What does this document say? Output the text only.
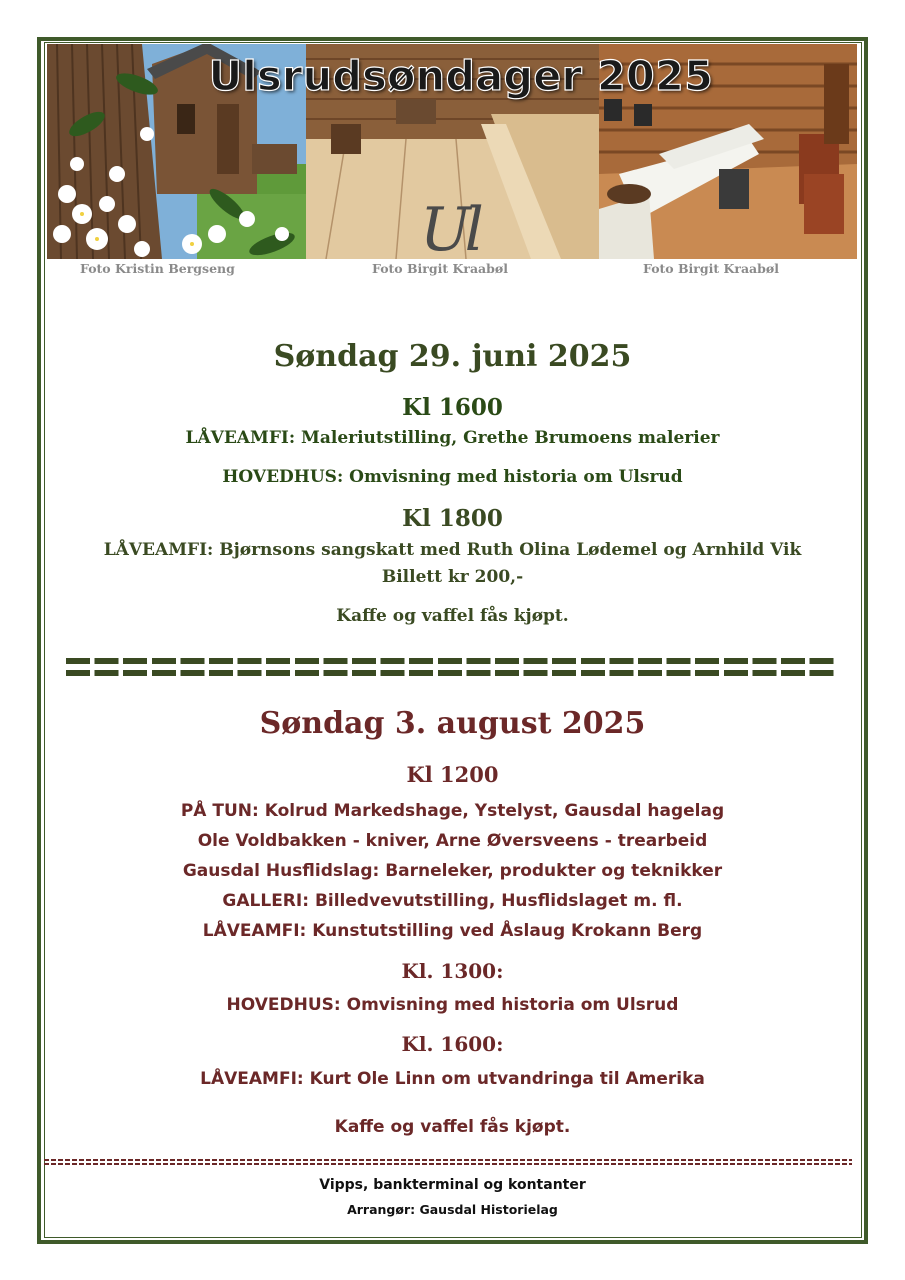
Ul
Ulsrudsøndager 2025
Foto Kristin Bergseng	Foto Birgit Kraabøl	Foto Birgit Kraabøl
Søndag 29. juni 2025
Kl 1600
LÅVEAMFI: Maleriutstilling, Grethe Brumoens malerier
HOVEDHUS: Omvisning med historia om Ulsrud
Kl 1800
LÅVEAMFI: Bjørnsons sangskatt med Ruth Olina Lødemel og Arnhild Vik
Billett kr 200,-
Kaffe og vaffel fås kjøpt.
Søndag 3. august 2025
Kl 1200
PÅ TUN: Kolrud Markedshage, Ystelyst, Gausdal hagelag
Ole Voldbakken - kniver, Arne Øversveens - trearbeid
Gausdal Husflidslag: Barneleker, produkter og teknikker
GALLERI: Billedvevutstilling, Husflidslaget m. fl.
LÅVEAMFI: Kunstutstilling ved Åslaug Krokann Berg
Kl. 1300:
HOVEDHUS: Omvisning med historia om Ulsrud
Kl. 1600:
LÅVEAMFI: Kurt Ole Linn om utvandringa til Amerika
Kaffe og vaffel fås kjøpt.
Vipps, bankterminal og kontanter
Arrangør: Gausdal Historielag
